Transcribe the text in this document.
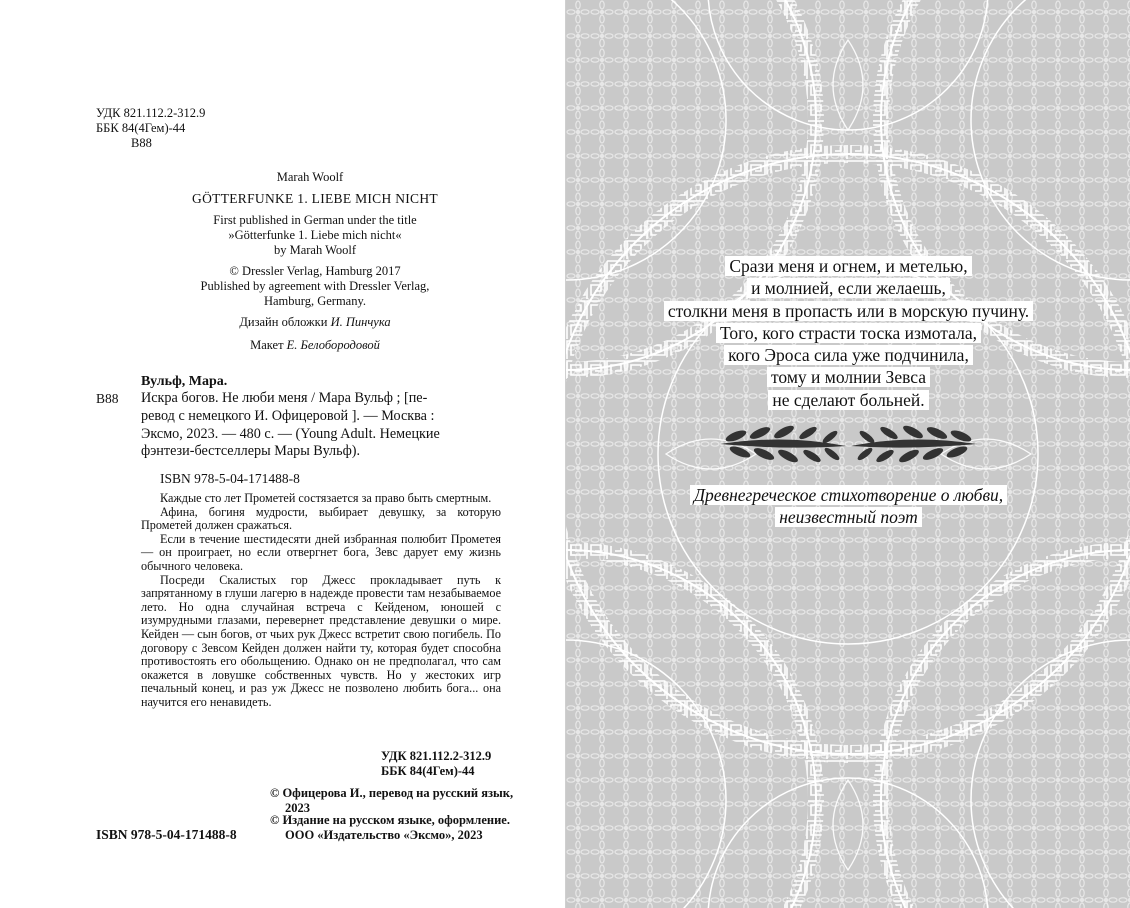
УДК 821.112.2-312.9
ББК 84(4Гем)-44
В88
Marah Woolf
GÖTTERFUNKE 1. LIEBE MICH NICHT
First published in German under the title
»Götterfunke 1. Liebe mich nicht«
by Marah Woolf
© Dressler Verlag, Hamburg 2017
Published by agreement with Dressler Verlag,
Hamburg, Germany.
Дизайн обложки И. Пинчука
Макет Е. Белобородовой
Вульф, Мара.
В88 Искра богов. Не люби меня / Мара Вульф ; [пе-
ревод с немецкого И. Офицеровой ]. — Москва :
Эксмо, 2023. — 480 с. — (Young Adult. Немецкие
фэнтези-бестселлеры Мары Вульф).
ISBN 978-5-04-171488-8

Каждые сто лет Прометей состязается за право быть смертным.

Афина, богиня мудрости, выбирает девушку, за которую Прометей должен сражаться.

Если в течение шестидесяти дней избранная полюбит Прометея — он проиграет, но если отвергнет бога, Зевс дарует ему жизнь обычного человека.

Посреди Скалистых гор Джесс прокладывает путь к запрятанному в глуши лагерю в надежде провести там незабываемое лето. Но одна случайная встреча с Кейденом, юношей с изумрудными глазами, перевернет представление девушки о мире. Кейден — сын богов, от чьих рук Джесс встретит свою погибель. По договору с Зевсом Кейден должен найти ту, которая будет способна противостоять его обольщению. Однако он не предполагал, что сам окажется в ловушке собственных чувств. Но у жестоких игр печальный конец, и раз уж Джесс не позволено любить бога... она научится его ненавидеть.

УДК 821.112.2-312.9
ББК 84(4Гем)-44
© Офицерова И., перевод на русский язык,
2023
© Издание на русском языке, оформление.
ООО «Издательство «Эксмо», 2023
ISBN 978-5-04-171488-8
Срази меня и огнем, и метелью,
и молнией, если желаешь,
столкни меня в пропасть или в морскую пучину.
Того, кого страсти тоска измотала,
кого Эроса сила уже подчинила,
тому и молнии Зевса
не сделают больней.
Древнегреческое стихотворение о любви,
неизвестный поэт
